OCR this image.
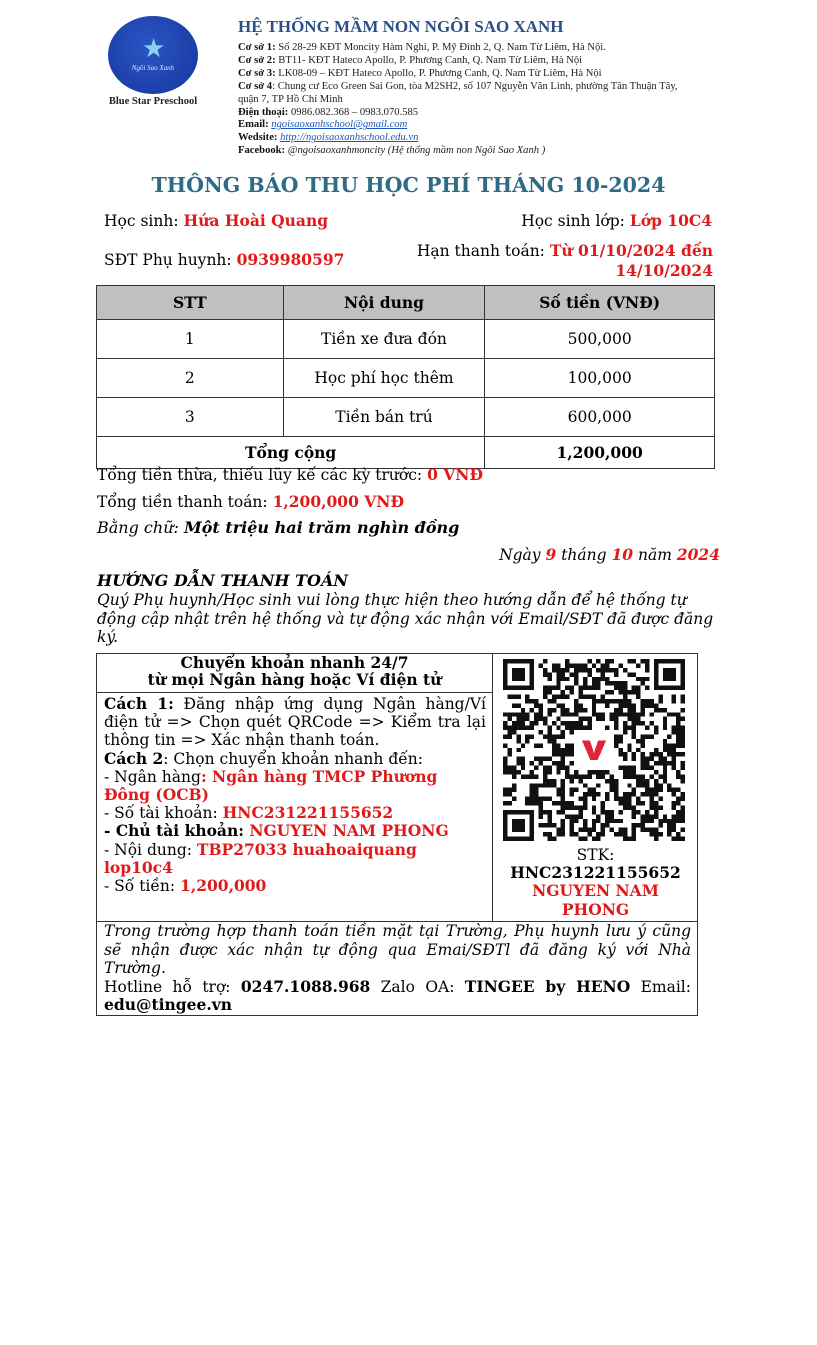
★
Ngôi Sao Xanh
Blue Star Preschool
HỆ THỐNG MẦM NON NGÔI SAO XANH
Cơ sở 1: Số 28-29 KĐT Moncity Hàm Nghi, P. Mỹ Đình 2, Q. Nam Từ Liêm, Hà Nội.
Cơ sở 2: BT11- KĐT Hateco Apollo, P. Phương Canh, Q. Nam Từ Liêm, Hà Nội
Cơ sở 3: LK08-09 – KĐT Hateco Apollo, P. Phương Canh, Q. Nam Từ Liêm, Hà Nội
Cơ sở 4: Chung cư Eco Green Sai Gon, tòa M2SH2, số 107 Nguyễn Văn Linh, phường Tân Thuận Tây, quận 7, TP Hồ Chí Minh
Điện thoại: 0986.082.368 – 0983.070.585
Email: ngoisaoxanhschool@gmail.com
Wedsite: http://ngoisaoxanhschool.edu.vn
Facebook: @ngoisaoxanhmoncity (Hệ thống mầm non Ngôi Sao Xanh )
THÔNG BÁO THU HỌC PHÍ THÁNG 10-2024
Học sinh: Hứa Hoài Quang	Học sinh lớp: Lớp 10C4
SĐT Phụ huynh: 0939980597	Hạn thanh toán: Từ 01/10/2024 đến
14/10/2024
STT	Nội dung	Số tiền (VNĐ)
1	Tiền xe đưa đón	500,000
2	Học phí học thêm	100,000
3	Tiền bán trú	600,000
Tổng cộng		1,200,000
Tổng tiền thừa, thiếu lũy kế các kỳ trước: 0 VNĐ
Tổng tiền thanh toán: 1,200,000 VNĐ
Bằng chữ: Một triệu hai trăm nghìn đồng
Ngày 9 tháng 10 năm 2024
HƯỚNG DẪN THANH TOÁN
Quý Phụ huynh/Học sinh vui lòng thực hiện theo hướng dẫn để hệ thống tự động cập nhật trên hệ thống và tự động xác nhận với Email/SĐT đã được đăng ký.
Chuyển khoản nhanh 24/7
từ mọi Ngân hàng hoặc Ví điện tử
Cách 1: Đăng nhập ứng dụng Ngân hàng/Ví điện tử => Chọn quét QRCode => Kiểm tra lại thông tin => Xác nhận thanh toán.
Cách 2: Chọn chuyển khoản nhanh đến:
- Ngân hàng: Ngân hàng TMCP Phương Đông (OCB)
- Số tài khoản: HNC231221155652
- Chủ tài khoản: NGUYEN NAM PHONG
- Nội dung: TBP27033 huahoaiquang lop10c4
- Số tiền: 1,200,000
STK:
HNC231221155652
NGUYEN NAM PHONG
Trong trường hợp thanh toán tiền mặt tại Trường, Phụ huynh lưu ý cũng sẽ nhận được xác nhận tự động qua Emai/SĐTl đã đăng ký với Nhà Trường.
Hotline hỗ trợ: 0247.1088.968 Zalo OA: TINGEE by HENO Email:
edu@tingee.vn
